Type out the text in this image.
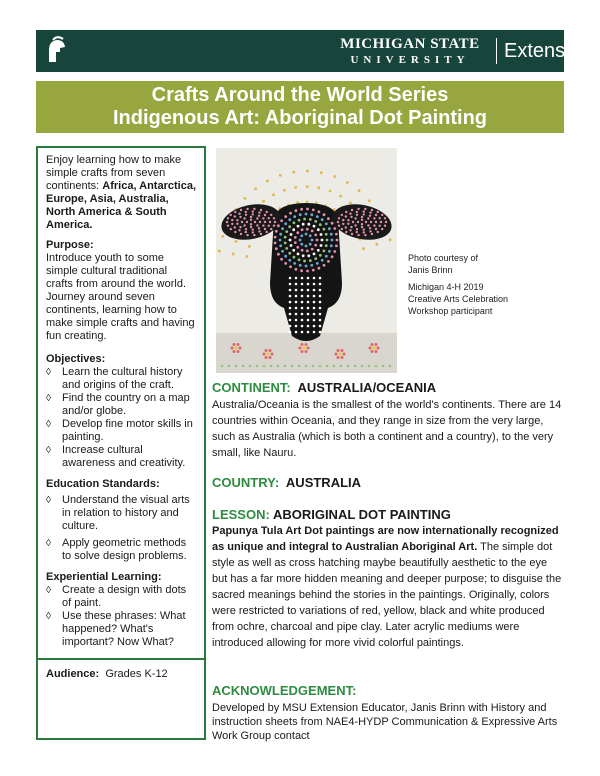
MICHIGAN STATE
UNIVERSITY	Extension
Crafts Around the World Series
Indigenous Art: Aboriginal Dot Painting

Enjoy learning how to make simple crafts from seven continents: Africa, Antarctica, Europe, Asia, Australia, North America & South America.

Purpose:

Introduce youth to some simple cultural traditional crafts from around the world. Journey around seven continents, learning how to make simple crafts and having fun creating.

Objectives:

◊ Learn the cultural history and origins of the craft.
◊ Find the country on a map and/or globe.
◊ Develop fine motor skills in painting.
◊ Increase cultural awareness and creativity.

Education Standards:

◊ Understand the visual arts in relation to history and culture.
◊ Apply geometric methods to solve design problems.

Experiential Learning:

◊ Create a design with dots of paint.
◊ Use these phrases: What happened? What's important? Now What?
Audience: Grades K-12

Photo courtesy of
Janis Brinn

Michigan 4-H 2019
Creative Arts Celebration
Workshop participant

CONTINENT: AUSTRALIA/OCEANIA

Australia/Oceania is the smallest of the world's continents. There are 14 countries within Oceania, and they range in size from the very large, such as Australia (which is both a continent and a country), to the very small, like Nauru.

COUNTRY: AUSTRALIA
LESSON: ABORIGINAL DOT PAINTING

Papunya Tula Art Dot paintings are now internationally recognized as unique and integral to Australian Aboriginal Art. The simple dot style as well as cross hatching maybe beautifully aesthetic to the eye but has a far more hidden meaning and deeper purpose; to disguise the sacred meanings behind the stories in the paintings. Originally, colors were restricted to variations of red, yellow, black and white produced from ochre, charcoal and pipe clay. Later acrylic mediums were introduced allowing for more vivid colorful paintings.

ACKNOWLEDGEMENT:

Developed by MSU Extension Educator, Janis Brinn with History and instruction sheets from NAE4-HYDP Communication & Expressive Arts Work Group contact
